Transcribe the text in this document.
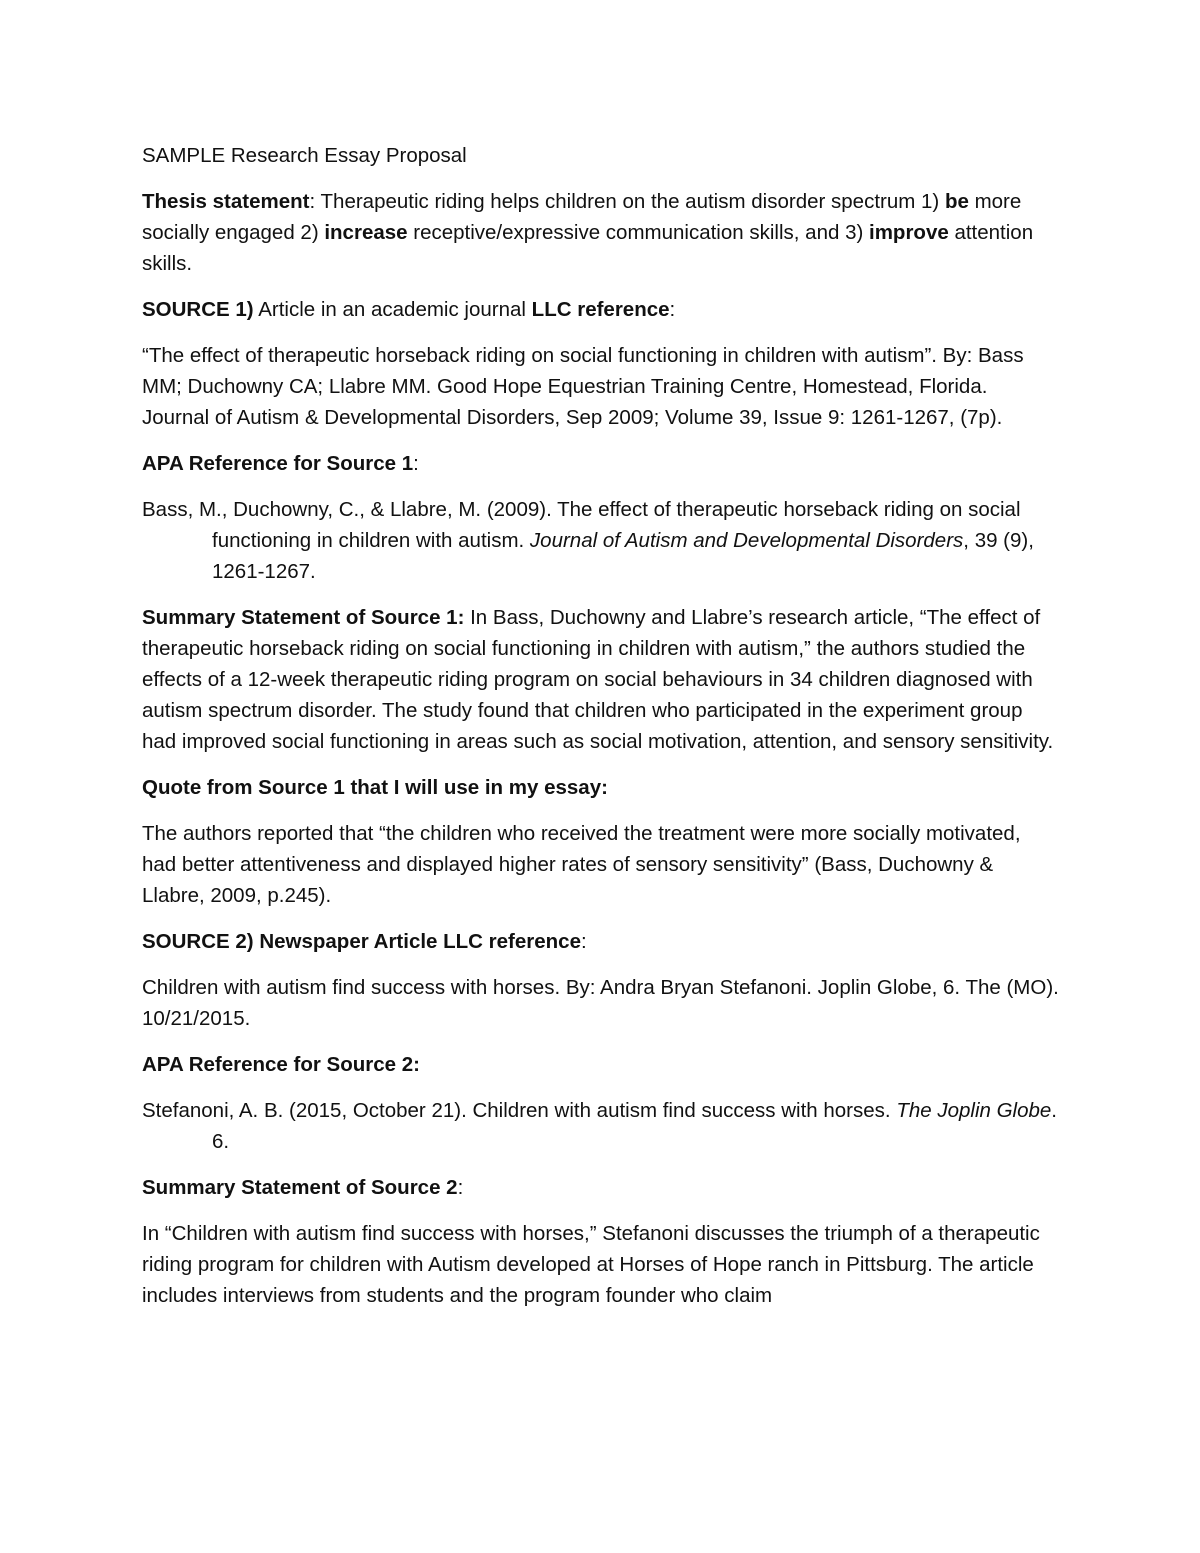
SAMPLE Research Essay Proposal

Thesis statement: Therapeutic riding helps children on the autism disorder spectrum 1) be more socially engaged 2) increase receptive/expressive communication skills, and 3) improve attention skills.

SOURCE 1) Article in an academic journal LLC reference:

“The effect of therapeutic horseback riding on social functioning in children with autism”. By: Bass MM; Duchowny CA; Llabre MM. Good Hope Equestrian Training Centre, Homestead, Florida. Journal of Autism & Developmental Disorders, Sep 2009; Volume 39, Issue 9: 1261-1267, (7p).

APA Reference for Source 1:

Bass, M., Duchowny, C., & Llabre, M. (2009). The effect of therapeutic horseback riding on social functioning in children with autism. Journal of Autism and Developmental Disorders, 39 (9), 1261-1267.

Summary Statement of Source 1: In Bass, Duchowny and Llabre’s research article, “The effect of therapeutic horseback riding on social functioning in children with autism,” the authors studied the effects of a 12-week therapeutic riding program on social behaviours in 34 children diagnosed with autism spectrum disorder. The study found that children who participated in the experiment group had improved social functioning in areas such as social motivation, attention, and sensory sensitivity.

Quote from Source 1 that I will use in my essay:

The authors reported that “the children who received the treatment were more socially motivated, had better attentiveness and displayed higher rates of sensory sensitivity” (Bass, Duchowny & Llabre, 2009, p.245).

SOURCE 2) Newspaper Article LLC reference:

Children with autism find success with horses. By: Andra Bryan Stefanoni. Joplin Globe, 6. The (MO). 10/21/2015.

APA Reference for Source 2:

Stefanoni, A. B. (2015, October 21). Children with autism find success with horses. The Joplin Globe. 6.

Summary Statement of Source 2:

In “Children with autism find success with horses,” Stefanoni discusses the triumph of a therapeutic riding program for children with Autism developed at Horses of Hope ranch in Pittsburg. The article includes interviews from students and the program founder who claim
